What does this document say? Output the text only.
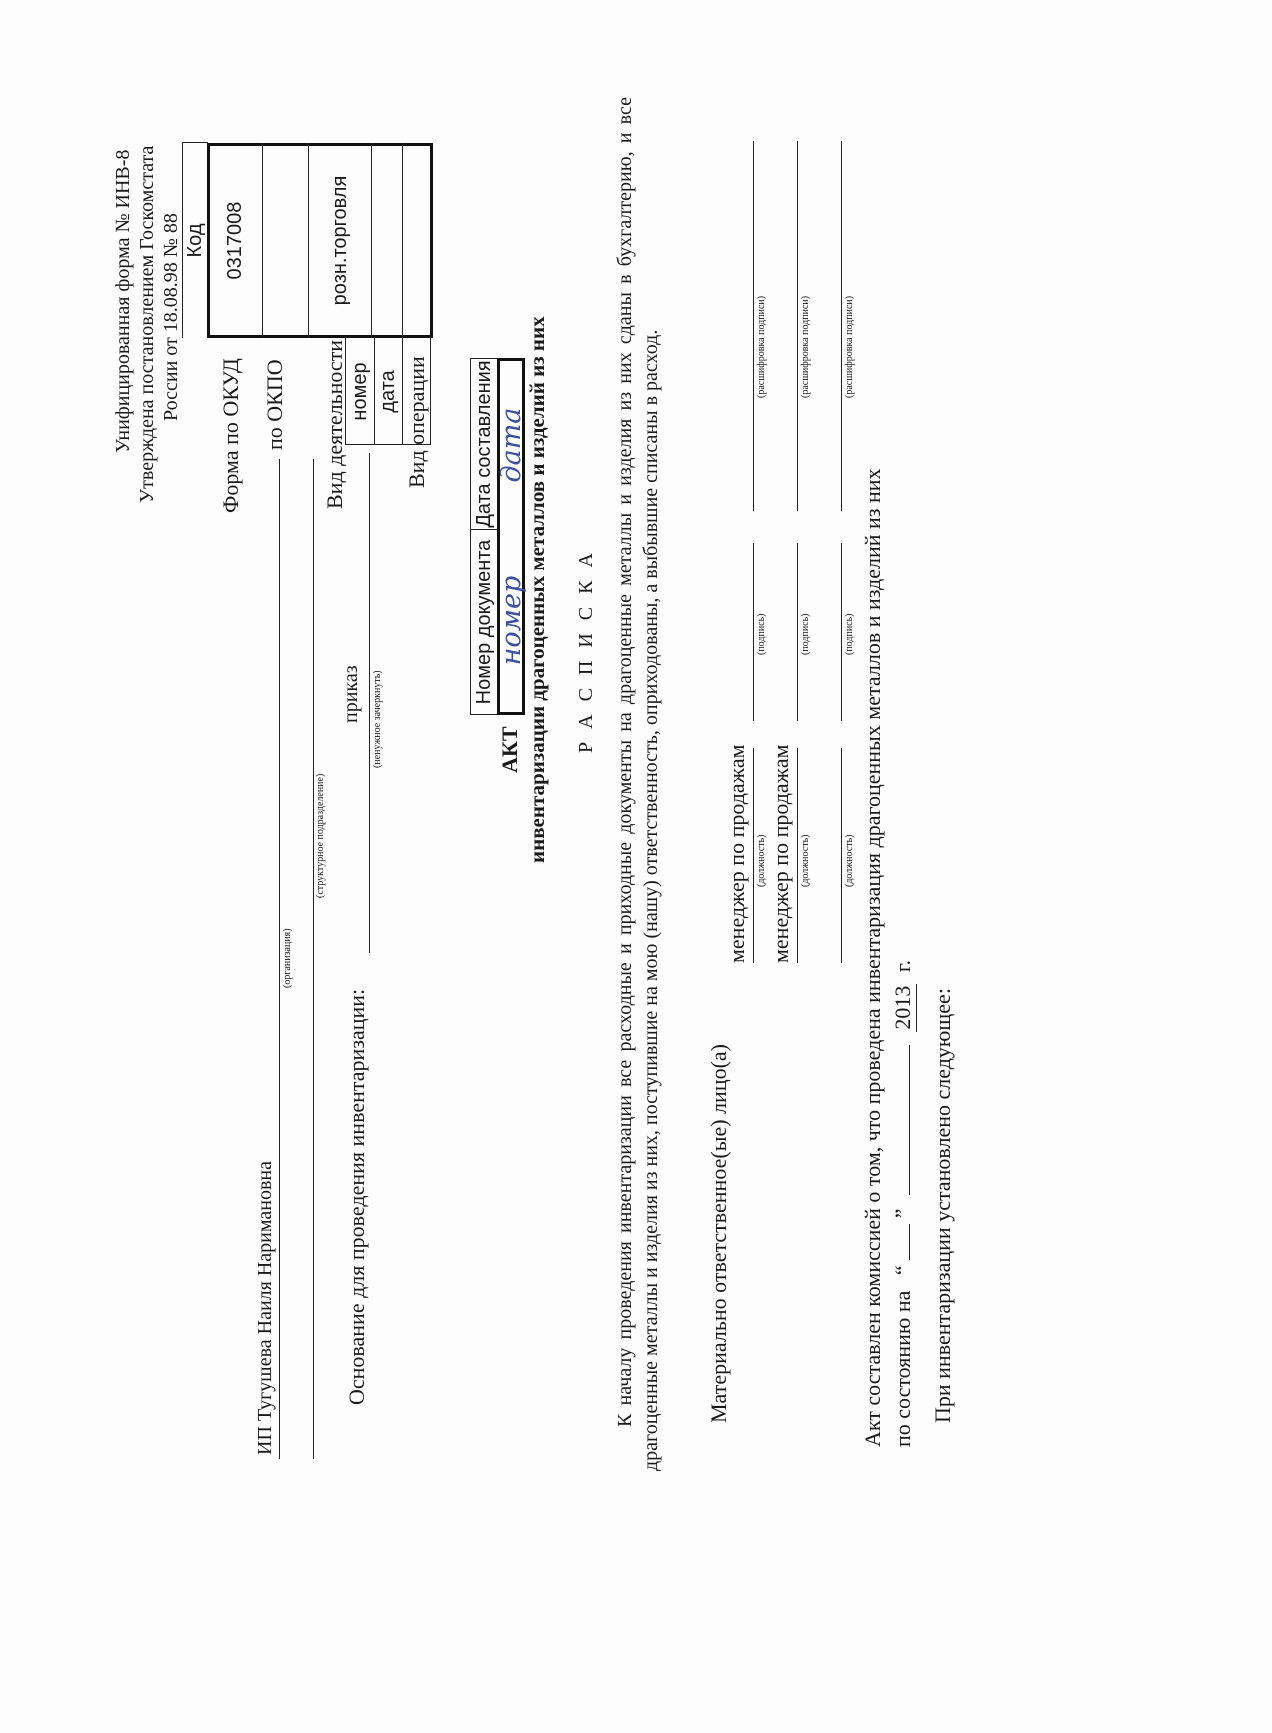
Унифицированная форма № ИНВ-8 Утверждена постановлением Госкомстата России от 18.08.98 № 88 Код 0317008	розн.торговля
Форма по ОКУД по ОКПО Вид деятельности номер дата Вид операции
ИП Тугушева Наиля Наримановна
(организация)
(структурное подразделение)
Основание для проведения инвентаризации:
приказ (ненужное зачеркнуть)
Номер документа
Дата составления
номер
дата
АКТ инвентаризации драгоценных металлов и изделий из них Р А С П И С К А К началу проведения инвентаризации все расходные и приходные документы на драгоценные металлы и изделия из них сданы в бухгалтерию, и все драгоценные металлы и изделия из них, поступившие на мою (нашу) ответственность, оприходованы, а выбывшие списаны в расход. Материально ответственное(ые) лицо(а)
менеджер по продажам (должность)
(подпись)
(расшифровка подписи)
менеджер по продажам (должность)
(подпись)
(расшифровка подписи)
(должность)
(подпись)
(расшифровка подписи)
Акт составлен комиссией о том, что проведена инвентаризация драгоценных металлов и изделий из них по состоянию на “  ”  2013 г.
При инвентаризации установлено следующее:
